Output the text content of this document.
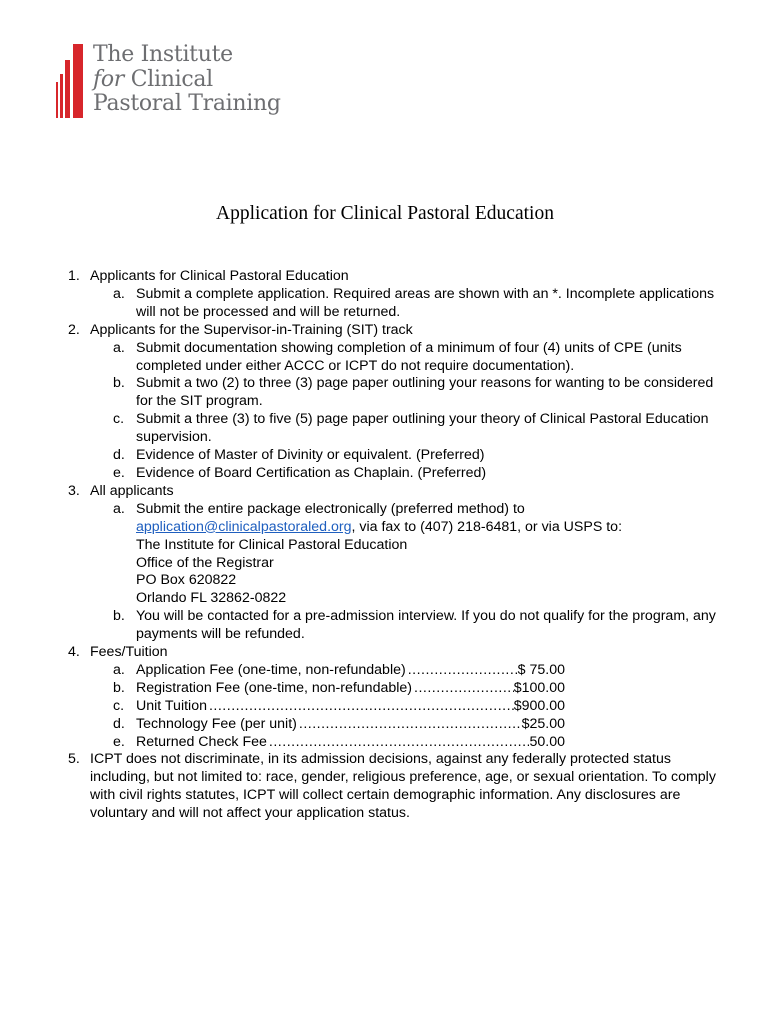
The Institute
for Clinical
Pastoral Training
Application for Clinical Pastoral Education
1. Applicants for Clinical Pastoral Education
a. Submit a complete application. Required areas are shown with an *. Incomplete applications will not be processed and will be returned.
2. Applicants for the Supervisor-in-Training (SIT) track
a. Submit documentation showing completion of a minimum of four (4) units of CPE (units completed under either ACCC or ICPT do not require documentation).
b. Submit a two (2) to three (3) page paper outlining your reasons for wanting to be considered for the SIT program.
c. Submit a three (3) to five (5) page paper outlining your theory of Clinical Pastoral Education supervision.
d. Evidence of Master of Divinity or equivalent. (Preferred)
e. Evidence of Board Certification as Chaplain. (Preferred)
3. All applicants
a. Submit the entire package electronically (preferred method) to
application@clinicalpastoraled.org, via fax to (407) 218-6481, or via USPS to:
The Institute for Clinical Pastoral Education
Office of the Registrar
PO Box 620822
Orlando FL 32862-0822
b. You will be contacted for a pre-admission interview. If you do not qualify for the program, any payments will be refunded.
4. Fees/Tuition
a. Application Fee (one-time, non-refundable) .....	$ 75.00
b. Registration Fee (one-time, non-refundable) .....	$100.00
c. Unit Tuition .....	$900.00
d. Technology Fee (per unit) .....	$25.00
e. Returned Check Fee .....	50.00
5. ICPT does not discriminate, in its admission decisions, against any federally protected status including, but not limited to: race, gender, religious preference, age, or sexual orientation. To comply with civil rights statutes, ICPT will collect certain demographic information. Any disclosures are voluntary and will not affect your application status.
